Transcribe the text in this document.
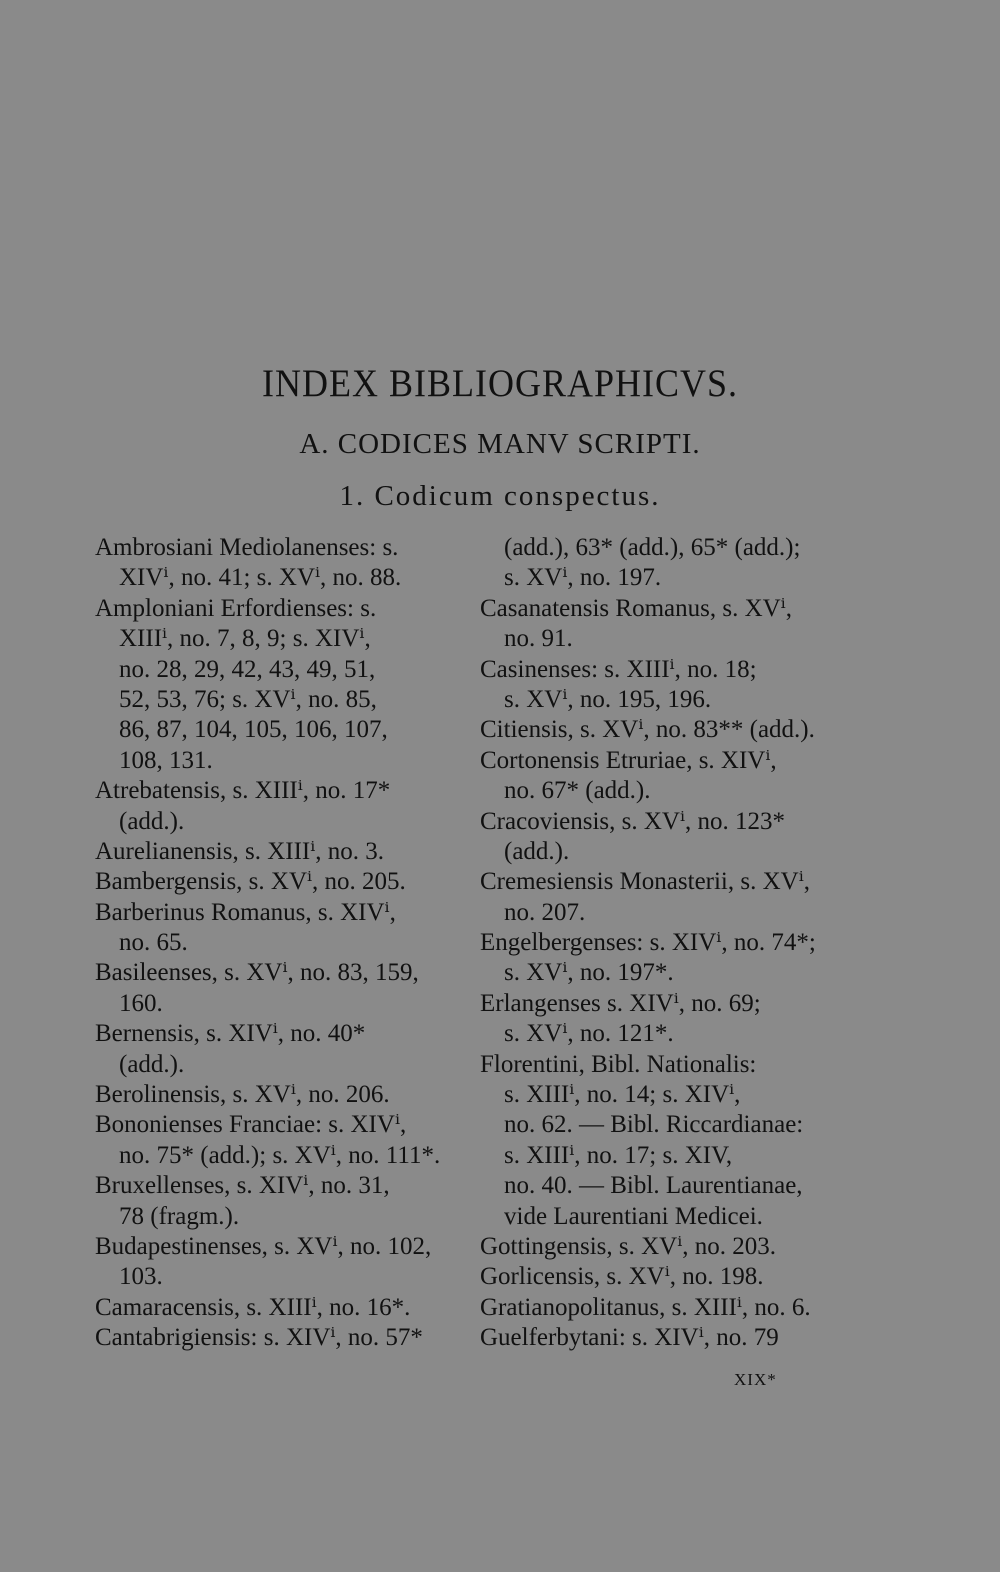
INDEX BIBLIOGRAPHICVS.
A. CODICES MANV SCRIPTI.
1. Codicum conspectus.
Ambrosiani Mediolanenses: s.
XIVⁱ, no. 41; s. XVⁱ, no. 88.
Amploniani Erfordienses: s.
XIIIⁱ, no. 7, 8, 9; s. XIVⁱ,
no. 28, 29, 42, 43, 49, 51,
52, 53, 76; s. XVⁱ, no. 85,
86, 87, 104, 105, 106, 107,
108, 131.
Atrebatensis, s. XIIIⁱ, no. 17*
(add.).
Aurelianensis, s. XIIIⁱ, no. 3.
Bambergensis, s. XVⁱ, no. 205.
Barberinus Romanus, s. XIVⁱ,
no. 65.
Basileenses, s. XVⁱ, no. 83, 159,
160.
Bernensis, s. XIVⁱ, no. 40*
(add.).
Berolinensis, s. XVⁱ, no. 206.
Bononienses Franciae: s. XIVⁱ,
no. 75* (add.); s. XVⁱ, no. 111*.
Bruxellenses, s. XIVⁱ, no. 31,
78 (fragm.).
Budapestinenses, s. XVⁱ, no. 102,
103.
Camaracensis, s. XIIIⁱ, no. 16*.
Cantabrigiensis: s. XIVⁱ, no. 57*
(add.), 63* (add.), 65* (add.);
s. XVⁱ, no. 197.
Casanatensis Romanus, s. XVⁱ,
no. 91.
Casinenses: s. XIIIⁱ, no. 18;
s. XVⁱ, no. 195, 196.
Citiensis, s. XVⁱ, no. 83** (add.).
Cortonensis Etruriae, s. XIVⁱ,
no. 67* (add.).
Cracoviensis, s. XVⁱ, no. 123*
(add.).
Cremesiensis Monasterii, s. XVⁱ,
no. 207.
Engelbergenses: s. XIVⁱ, no. 74*;
s. XVⁱ, no. 197*.
Erlangenses s. XIVⁱ, no. 69;
s. XVⁱ, no. 121*.
Florentini, Bibl. Nationalis:
s. XIIIⁱ, no. 14; s. XIVⁱ,
no. 62. — Bibl. Riccardianae:
s. XIIIⁱ, no. 17; s. XIV,
no. 40. — Bibl. Laurentianae,
vide Laurentiani Medicei.
Gottingensis, s. XVⁱ, no. 203.
Gorlicensis, s. XVⁱ, no. 198.
Gratianopolitanus, s. XIIIⁱ, no. 6.
Guelferbytani: s. XIVⁱ, no. 79
XIX*
